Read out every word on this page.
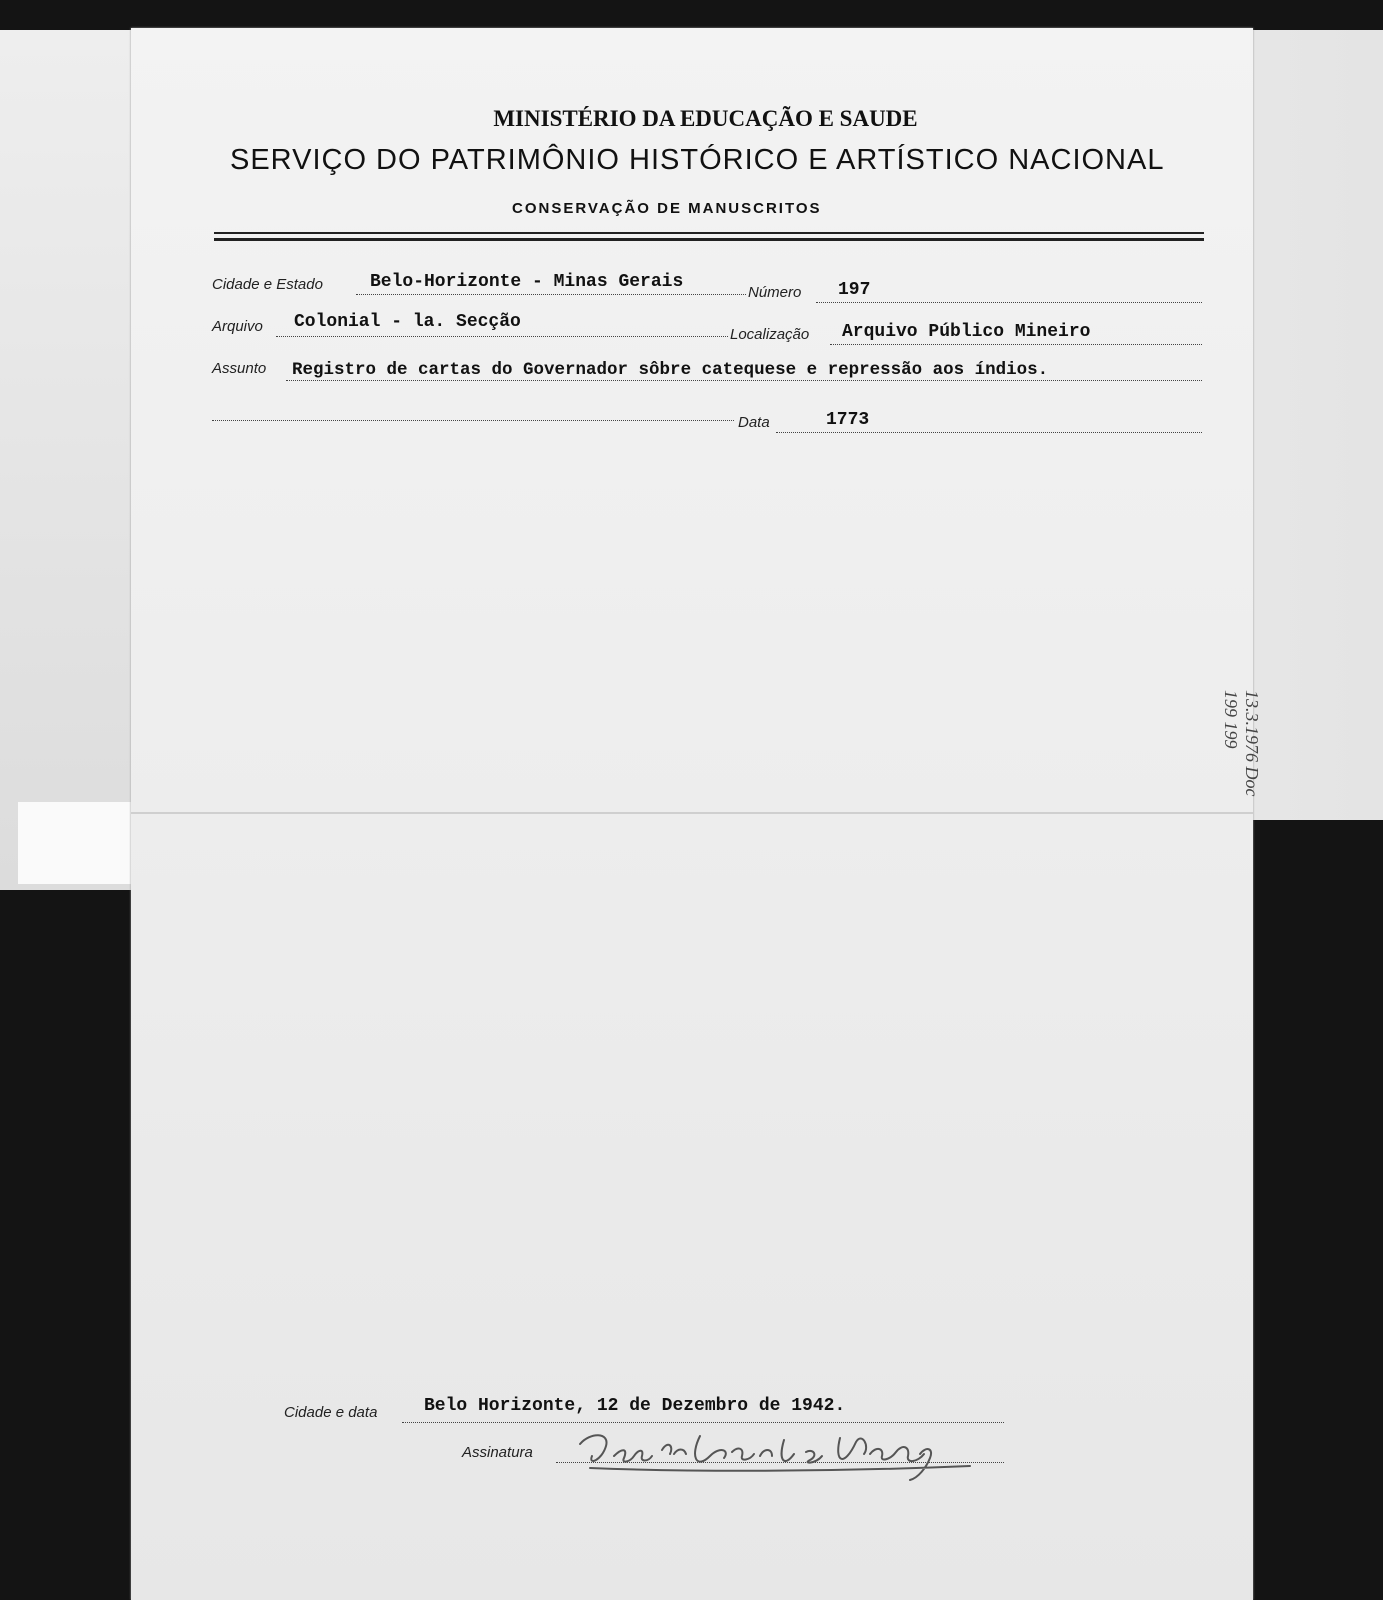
MINISTÉRIO DA EDUCAÇÃO E SAUDE
SERVIÇO DO PATRIMÔNIO HISTÓRICO E ARTÍSTICO NACIONAL
CONSERVAÇÃO DE MANUSCRITOS
Cidade e Estado	Belo-Horizonte - Minas Gerais
Número 197
Arquivo Colonial - la. Secção
Localização Arquivo Público Mineiro
Assunto Registro de cartas do Governador sôbre catequese e repressão aos índios.
Data	1773
Cidade e data	Belo Horizonte, 12 de Dezembro de 1942.
Assinatura
13.3.1976 Doc 199 199
